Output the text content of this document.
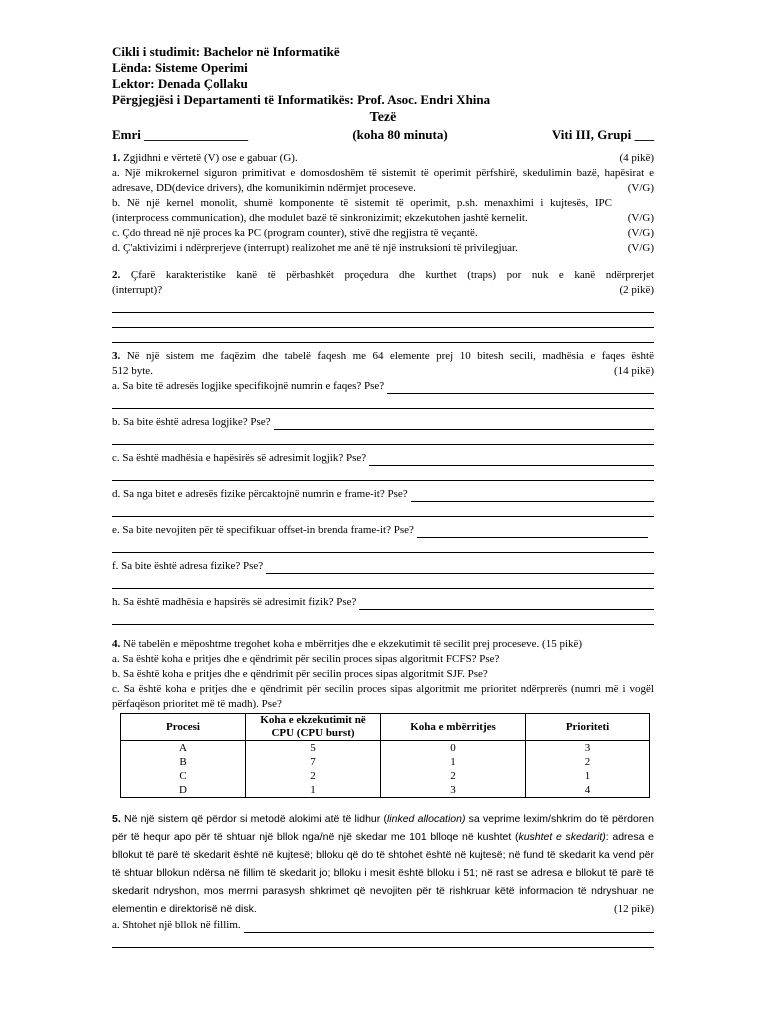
Cikli i studimit: Bachelor në Informatikë
Lënda: Sisteme Operimi
Lektor: Denada Çollaku
Përgjegjësi i Departamenti të Informatikës: Prof. Asoc. Endri Xhina
Tezë
Emri ________________	(koha 80 minuta)	Viti III, Grupi ___
1. Zgjidhni e vërtetë (V) ose e gabuar (G).	(4 pikë)
a. Një mikrokernel siguron primitivat e domosdoshëm të sistemit të operimit përfshirë, skedulimin bazë, hapësirat e adresave, DD(device drivers), dhe komunikimin ndërmjet proceseve.	(V/G)
b. Në një kernel monolit, shumë komponente të sistemit të operimit, p.sh. menaxhimi i kujtesës, IPC (interprocess communication), dhe modulet bazë të sinkronizimit; ekzekutohen jashtë kernelit.	(V/G)
c. Çdo thread në një proces ka PC (program counter), stivë dhe regjistra të veçantë.	(V/G)
d. Ç'aktivizimi i ndërprerjeve (interrupt) realizohet me anë të një instruksioni të privilegjuar.	(V/G)
2. Çfarë karakteristike kanë të përbashkët proçedura dhe kurthet (traps) por nuk e kanë ndërprerjet
(interrupt)?	(2 pikë)
3. Në një sistem me faqëzim dhe tabelë faqesh me 64 elemente prej 10 bitesh secili, madhësia e faqes është
512 byte.	(14 pikë)
a. Sa bite të adresës logjike specifikojnë numrin e faqes? Pse?
b. Sa bite është adresa logjike? Pse?
c. Sa është madhësia e hapësirës së adresimit logjik? Pse?
d. Sa nga bitet e adresës fizike përcaktojnë numrin e frame-it? Pse?
e. Sa bite nevojiten për të specifikuar offset-in brenda frame-it? Pse?
f. Sa bite është adresa fizike? Pse?
h. Sa është madhësia e hapsirës së adresimit fizik? Pse?
4. Në tabelën e mëposhtme tregohet koha e mbërritjes dhe e ekzekutimit të secilit prej proceseve. (15 pikë)
a. Sa është koha e pritjes dhe e qëndrimit për secilin proces sipas algoritmit FCFS? Pse?
b. Sa është koha e pritjes dhe e qëndrimit për secilin proces sipas algoritmit SJF. Pse?
c. Sa është koha e pritjes dhe e qëndrimit për secilin proces sipas algoritmit me prioritet ndërprerës (numri më i vogël përfaqëson prioritet më të madh). Pse?
Procesi	Koha e ekzekutimit në CPU (CPU burst)	Koha e mbërritjes	Prioriteti
A	5	0	3
B	7	1	2
C	2	2	1
D	1	3	4
5. Në një sistem që përdor si metodë alokimi atë të lidhur (linked allocation) sa veprime lexim/shkrim do të përdoren për të hequr apo për të shtuar një bllok nga/në një skedar me 101 blloqe në kushtet (kushtet e skedarit): adresa e bllokut të parë të skedarit është në kujtesë; blloku që do të shtohet është në kujtesë; në fund të skedarit ka vend për të shtuar bllokun ndërsa në fillim të skedarit jo; blloku i mesit është blloku i 51; në rast se adresa e bllokut të parë të skedarit ndryshon, mos merrni parasysh shkrimet që nevojiten për të rishkruar këtë informacion të ndryshuar ne elementin e direktorisë në disk.	(12 pikë)
a. Shtohet një bllok në fillim.
